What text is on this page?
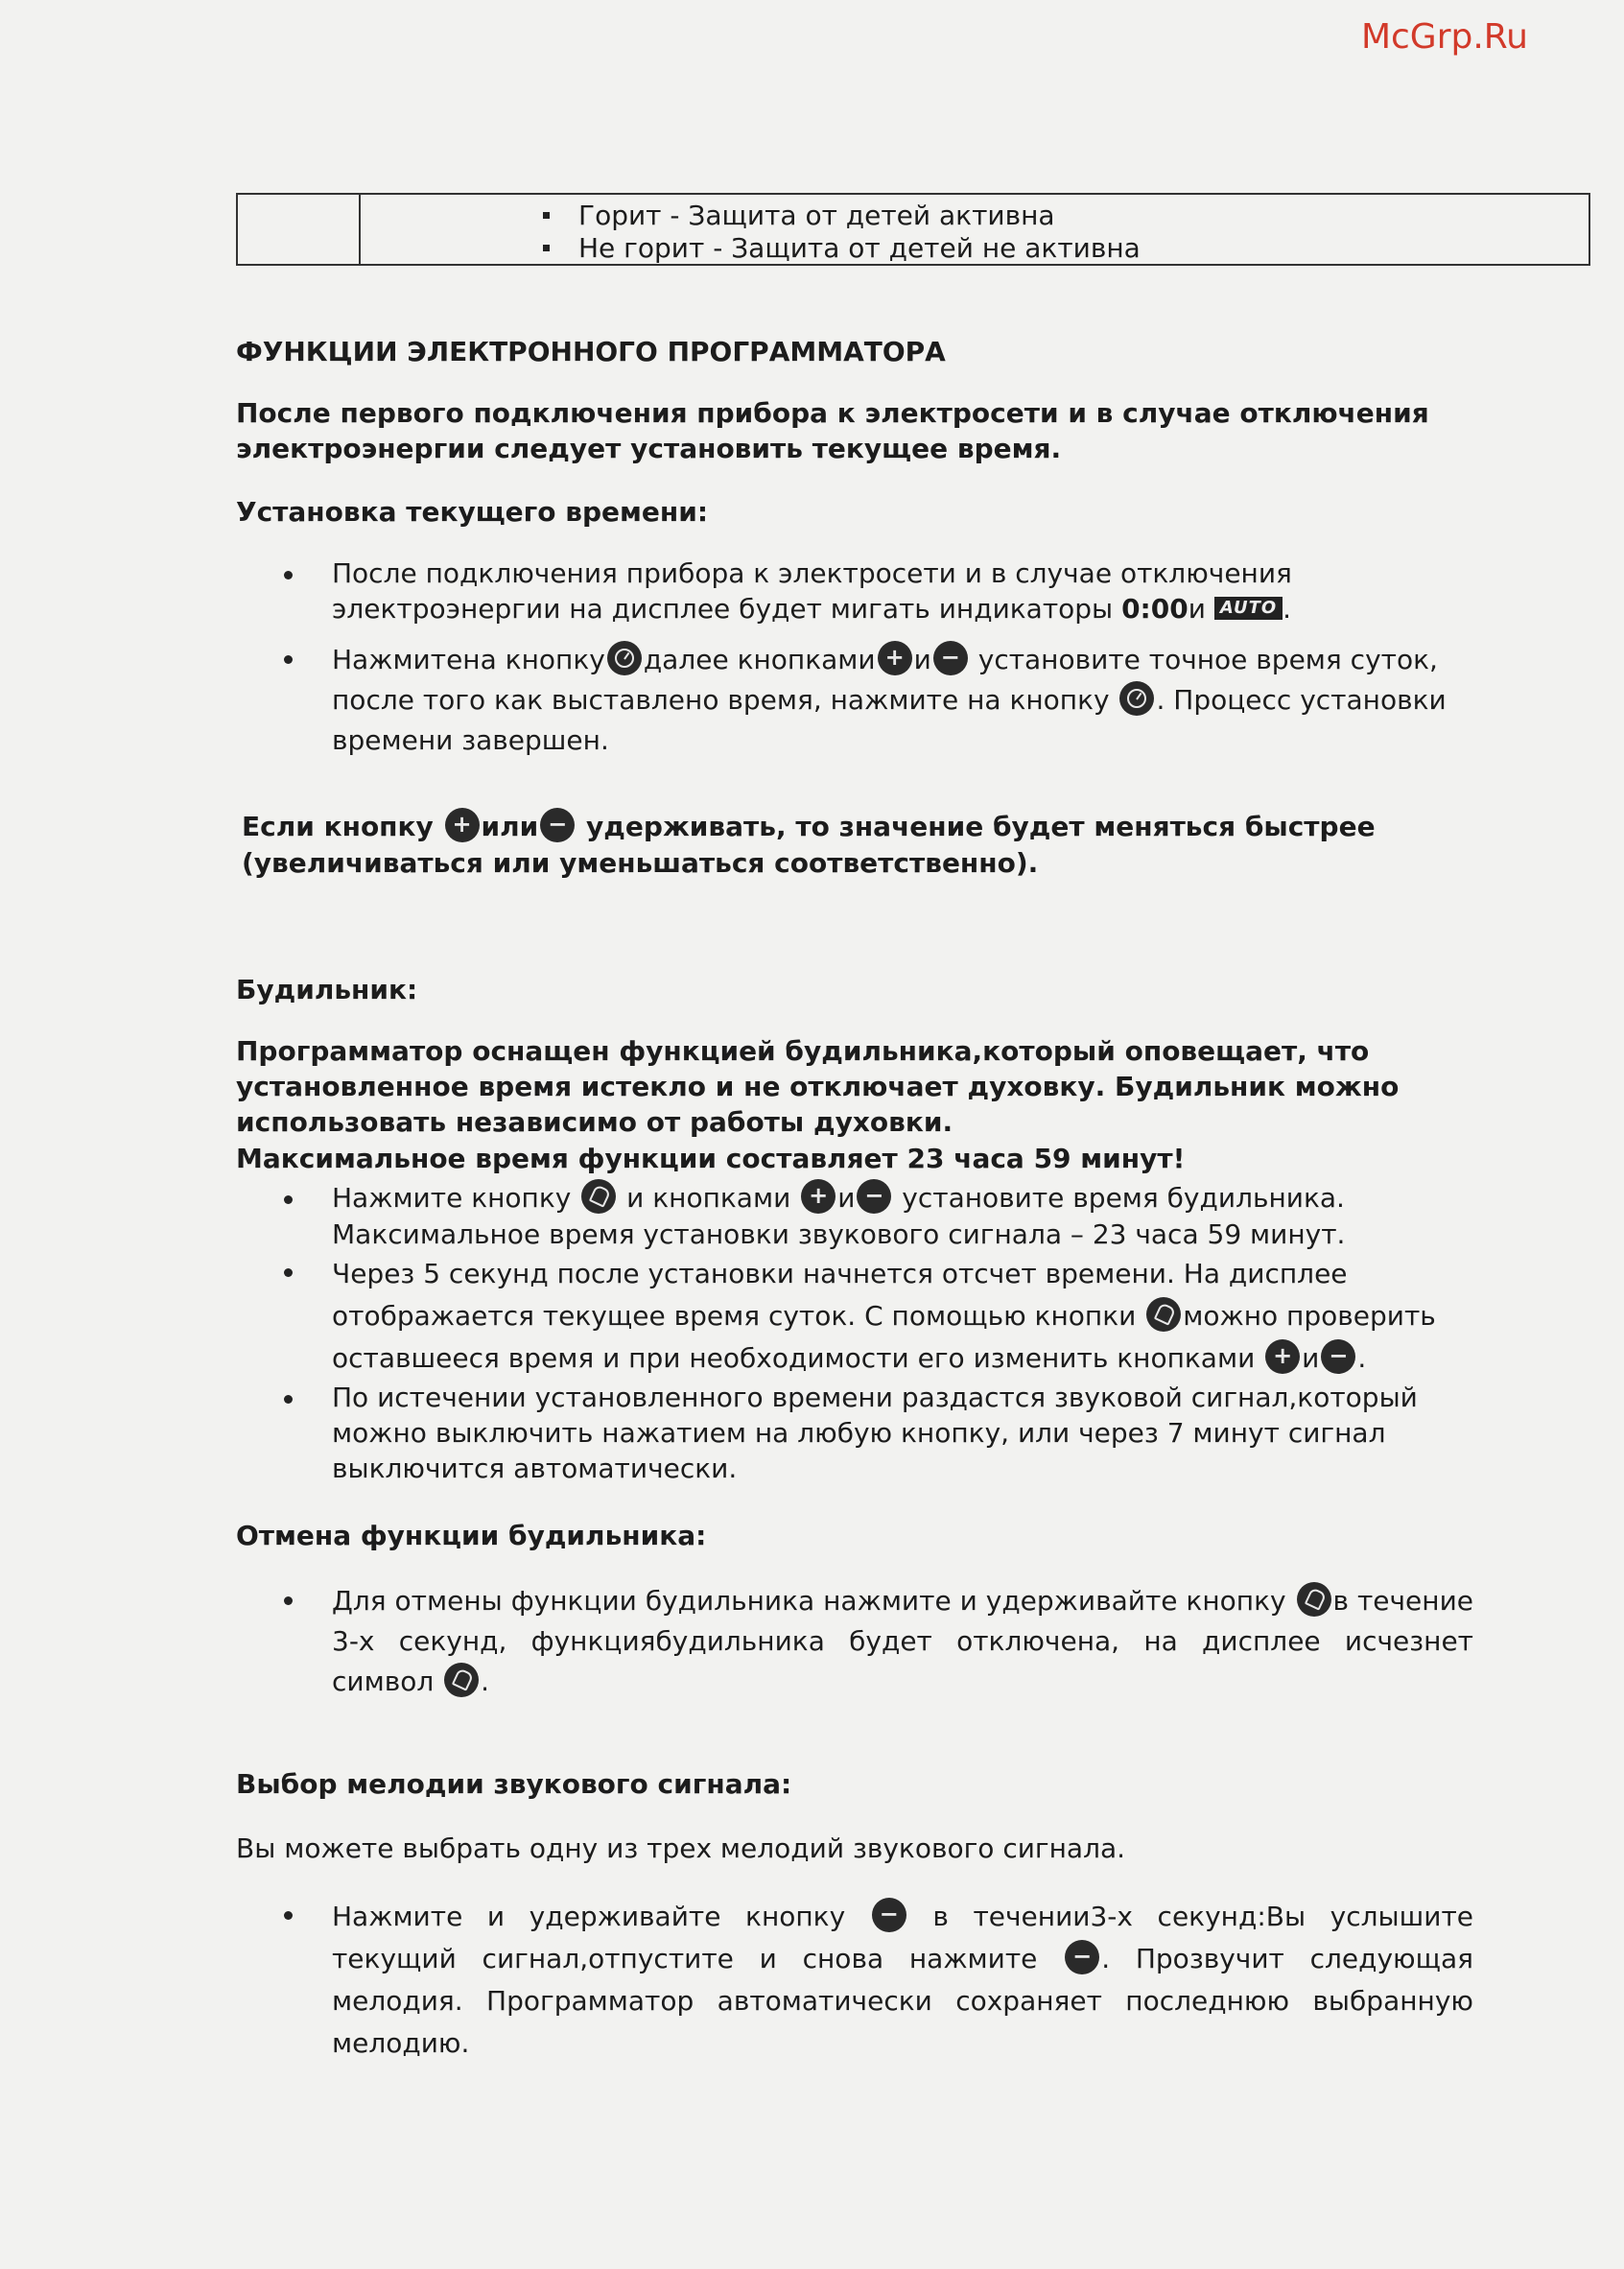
McGrp.Ru
Горит - Защита от детей активна
Не горит - Защита от детей не активна
ФУНКЦИИ ЭЛЕКТРОННОГО ПРОГРАММАТОРА

После первого подключения прибора к электросети и в случае отключения электроэнергии следует установить текущее время.

Установка текущего времени:
После подключения прибора к электросети и в случае отключения электроэнергии на дисплее будет мигать индикаторы 0:00и AUTO .
Нажмитена кнопку далее кнопками + и − установите точное время суток, после того как выставлено время, нажмите на кнопку . Процесс установки времени завершен.

Если кнопку + или − удерживать, то значение будет меняться быстрее (увеличиваться или уменьшаться соответственно).

Будильник:

Программатор оснащен функцией будильника,который оповещает, что установленное время истекло и не отключает духовку. Будильник можно использовать независимо от работы духовки.

Максимальное время функции составляет 23 часа 59 минут!

Нажмите кнопку  и кнопками + и − установите время будильника. Максимальное время установки звукового сигнала – 23 часа 59 минут.
Через 5 секунд после установки начнется отсчет времени. На дисплее отображается текущее время суток. С помощью кнопки можно проверить оставшееся время и при необходимости его изменить кнопками + и − .
По истечении установленного времени раздастся звуковой сигнал,который можно выключить нажатием на любую кнопку, или через 7 минут сигнал выключится автоматически.
Отмена функции будильника:
Для отмены функции будильника нажмите и удерживайте кнопку в течение 3-х секунд, функциябудильника будет отключена, на дисплее исчезнет символ .
Выбор мелодии звукового сигнала:

Вы можете выбрать одну из трех мелодий звукового сигнала.

Нажмите и удерживайте кнопку − в течении3-х секунд:Вы услышите текущий сигнал,отпустите и снова нажмите − . Прозвучит следующая мелодия. Программатор автоматически сохраняет последнюю выбранную мелодию.
